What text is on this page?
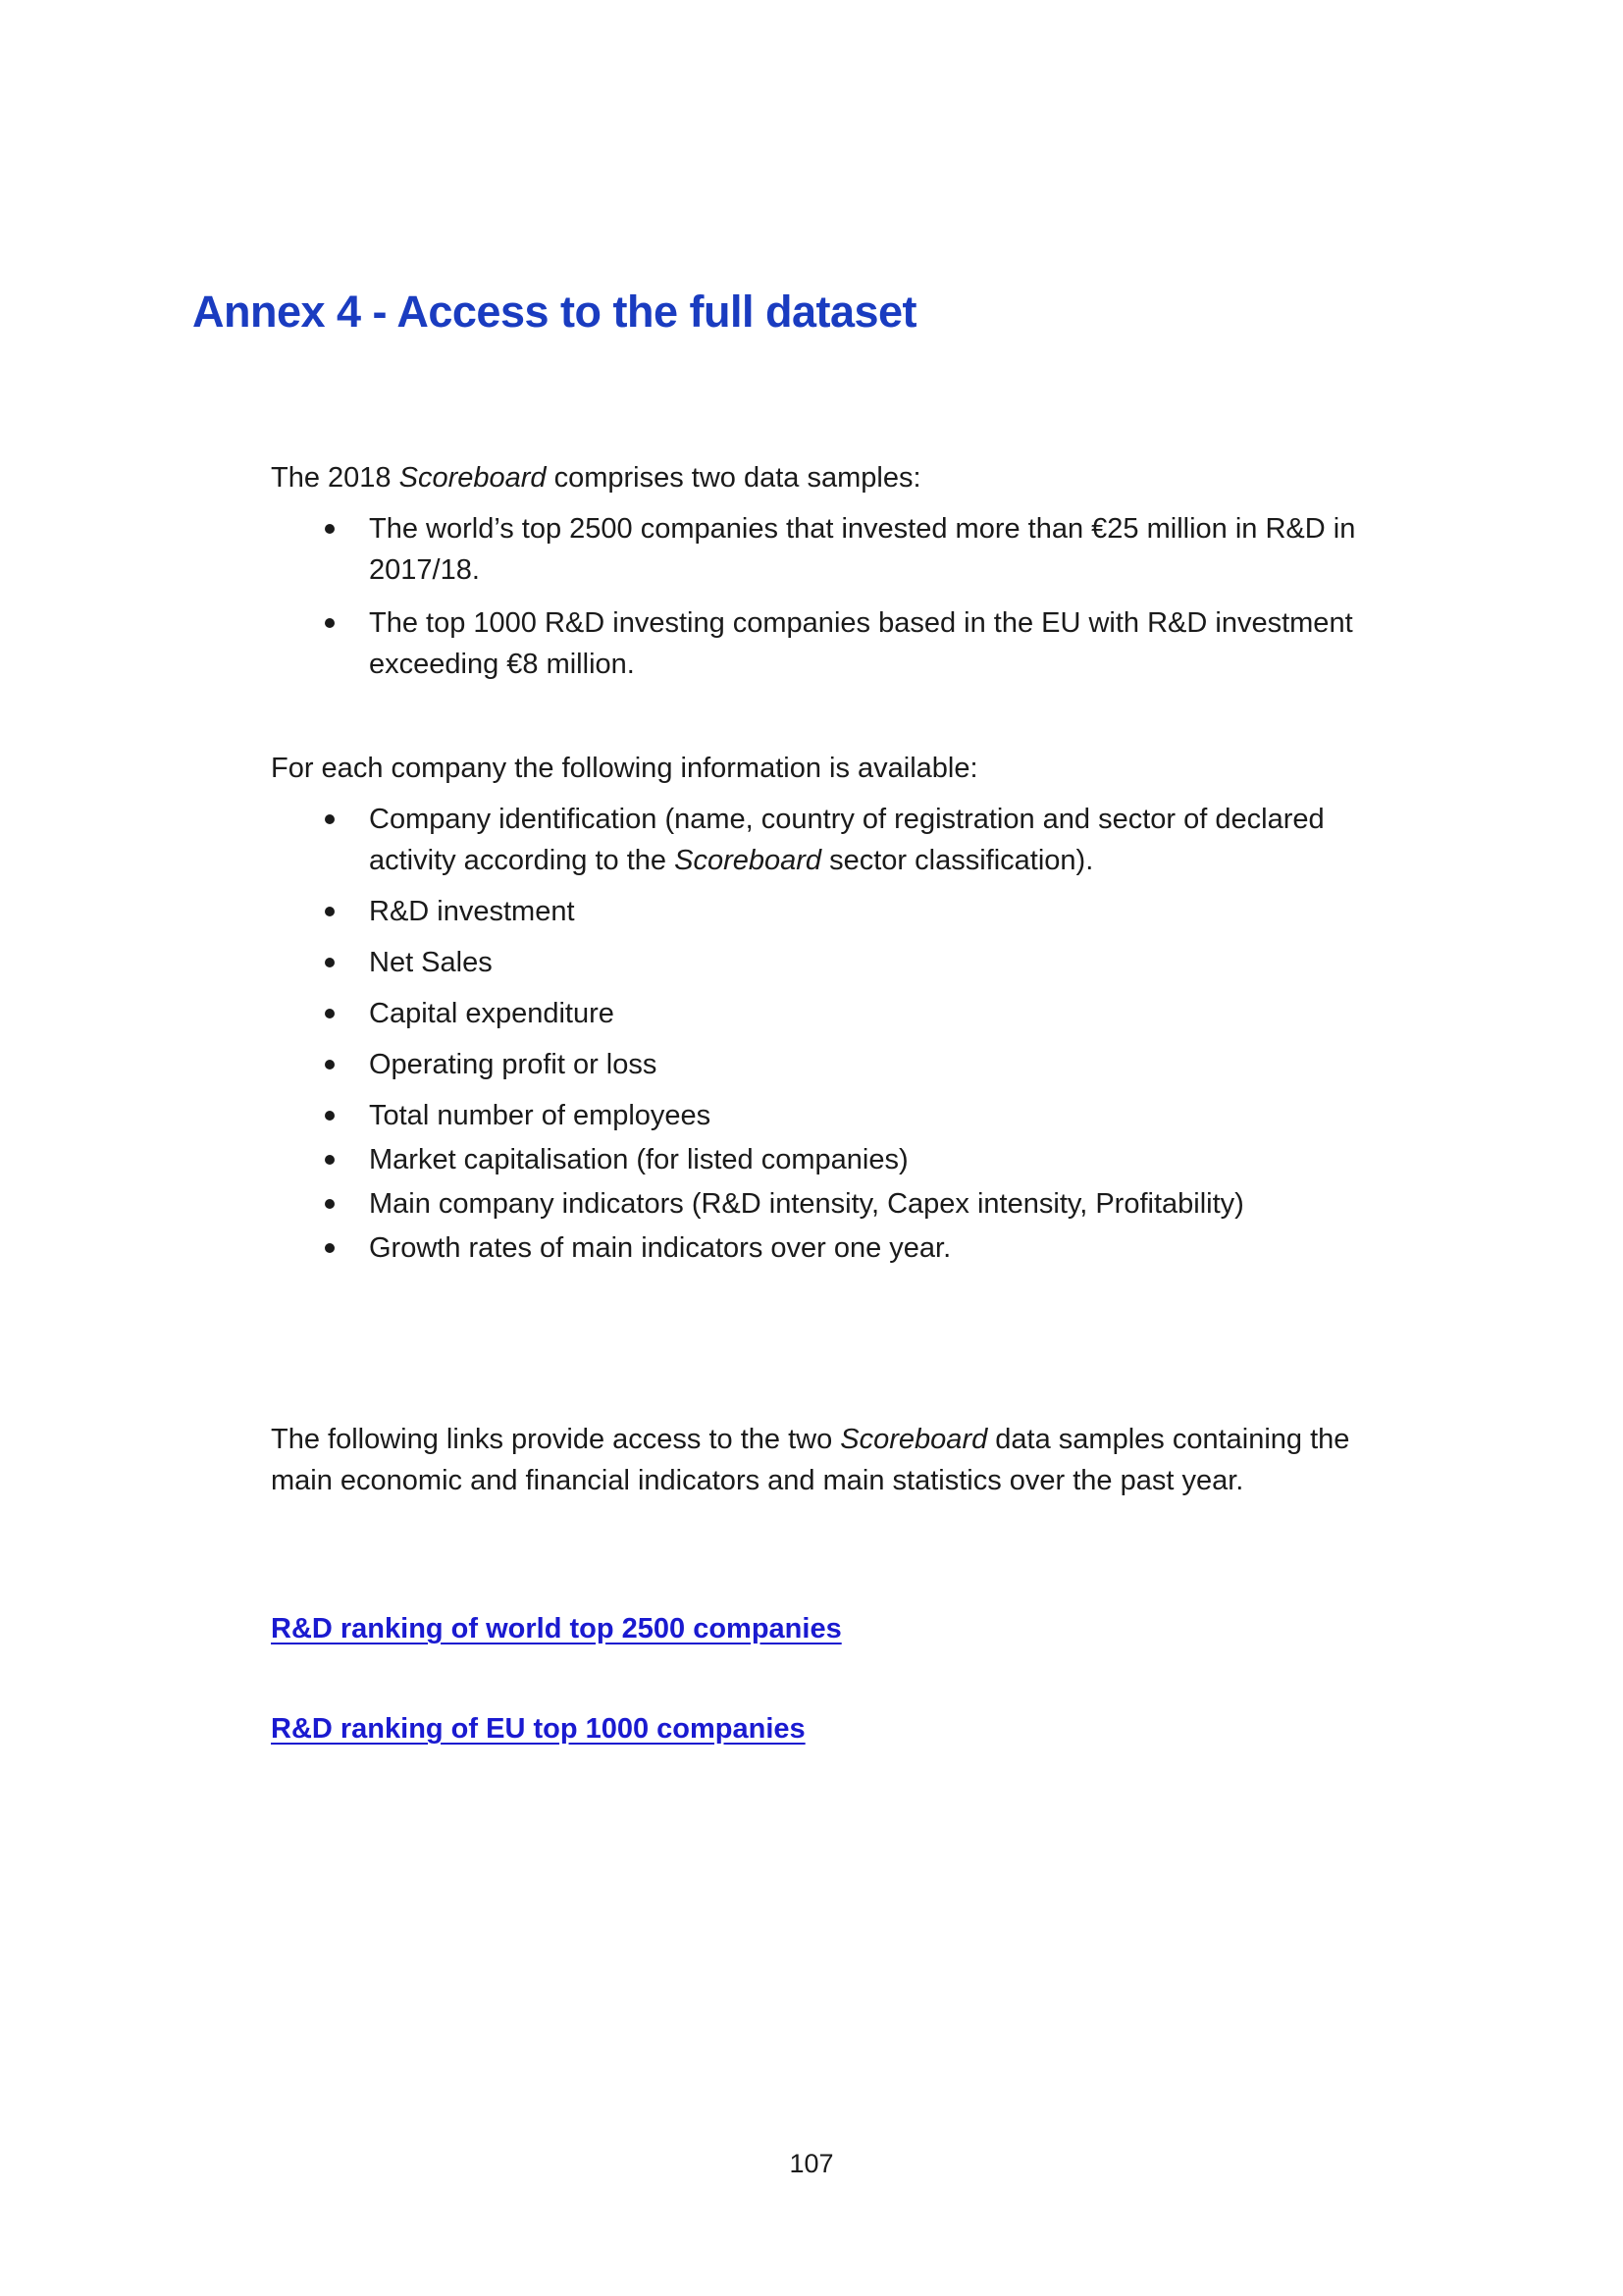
Annex 4 - Access to the full dataset

The 2018 Scoreboard comprises two data samples:

The world’s top 2500 companies that invested more than €25 million in R&D in 2017/18.
The top 1000 R&D investing companies based in the EU with R&D investment exceeding €8 million.

For each company the following information is available:

Company identification (name, country of registration and sector of declared activity according to the Scoreboard sector classification).
R&D investment
Net Sales
Capital expenditure
Operating profit or loss
Total number of employees
Market capitalisation (for listed companies)
Main company indicators (R&D intensity, Capex intensity, Profitability)
Growth rates of main indicators over one year.

The following links provide access to the two Scoreboard data samples containing the main economic and financial indicators and main statistics over the past year.

R&D ranking of world top 2500 companies
R&D ranking of EU top 1000 companies
107
